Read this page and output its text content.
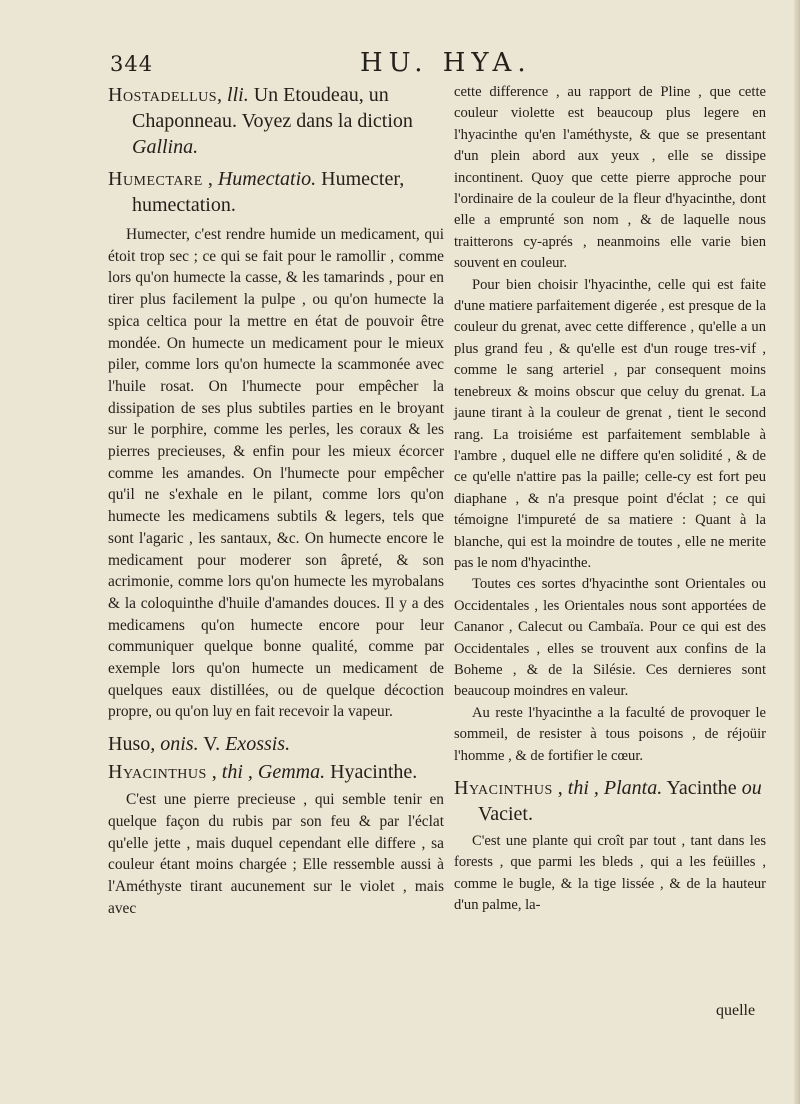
344	HU. HYA.

Hostadellus, lli. Un Etoudeau, un Chaponneau. Voyez dans la diction Gallina.

Humectare , Humectatio. Humecter, humectation.

Humecter, c'est rendre humide un medicament, qui étoit trop sec ; ce qui se fait pour le ramollir , comme lors qu'on humecte la casse, & les tamarinds , pour en tirer plus facilement la pulpe , ou qu'on humecte la spica celtica pour la mettre en état de pouvoir être mondée. On humecte un medicament pour le mieux piler, comme lors qu'on humecte la scammonée avec l'huile rosat. On l'humecte pour empêcher la dissipation de ses plus subtiles parties en le broyant sur le porphire, comme les perles, les coraux & les pierres precieuses, & enfin pour les mieux écorcer comme les amandes. On l'humecte pour empêcher qu'il ne s'exhale en le pilant, comme lors qu'on humecte les medicamens subtils & legers, tels que sont l'agaric , les santaux, &c. On humecte encore le medicament pour moderer son âpreté, & son acrimonie, comme lors qu'on humecte les myrobalans & la coloquinthe d'huile d'amandes douces. Il y a des medicamens qu'on humecte encore pour leur communiquer quelque bonne qualité, comme par exemple lors qu'on humecte un medicament de quelques eaux distillées, ou de quelque décoction propre, ou qu'on luy en fait recevoir la vapeur.

Huso, onis. V. Exossis.

Hyacinthus , thi , Gemma. Hyacinthe.

C'est une pierre precieuse , qui semble tenir en quelque façon du rubis par son feu & par l'éclat qu'elle jette , mais duquel cependant elle differe , sa couleur étant moins chargée ; Elle ressemble aussi à l'Améthyste tirant aucunement sur le violet , mais avec

cette difference , au rapport de Pline , que cette couleur violette est beaucoup plus legere en l'hyacinthe qu'en l'améthyste, & que se presentant d'un plein abord aux yeux , elle se dissipe incontinent. Quoy que cette pierre approche pour l'ordinaire de la couleur de la fleur d'hyacinthe, dont elle a emprunté son nom , & de laquelle nous traitterons cy-aprés , neanmoins elle varie bien souvent en couleur.

Pour bien choisir l'hyacinthe, celle qui est faite d'une matiere parfaitement digerée , est presque de la couleur du grenat, avec cette difference , qu'elle a un plus grand feu , & qu'elle est d'un rouge tres-vif , comme le sang arteriel , par consequent moins tenebreux & moins obscur que celuy du grenat. La jaune tirant à la couleur de grenat , tient le second rang. La troisiéme est parfaitement semblable à l'ambre , duquel elle ne differe qu'en solidité , & de ce qu'elle n'attire pas la paille; celle-cy est fort peu diaphane , & n'a presque point d'éclat ; ce qui témoigne l'impureté de sa matiere : Quant à la blanche, qui est la moindre de toutes , elle ne merite pas le nom d'hyacinthe.

Toutes ces sortes d'hyacinthe sont Orientales ou Occidentales , les Orientales nous sont apportées de Cananor , Calecut ou Cambaïa. Pour ce qui est des Occidentales , elles se trouvent aux confins de la Boheme , & de la Silésie. Ces dernieres sont beaucoup moindres en valeur.

Au reste l'hyacinthe a la faculté de provoquer le sommeil, de resister à tous poisons , de réjoüir l'homme , & de fortifier le cœur.

Hyacinthus , thi , Planta. Yacinthe ou Vaciet.

C'est une plante qui croît par tout , tant dans les forests , que parmi les bleds , qui a les feüilles , comme le bugle, & la tige lissée , & de la hauteur d'un palme, la-

quelle
